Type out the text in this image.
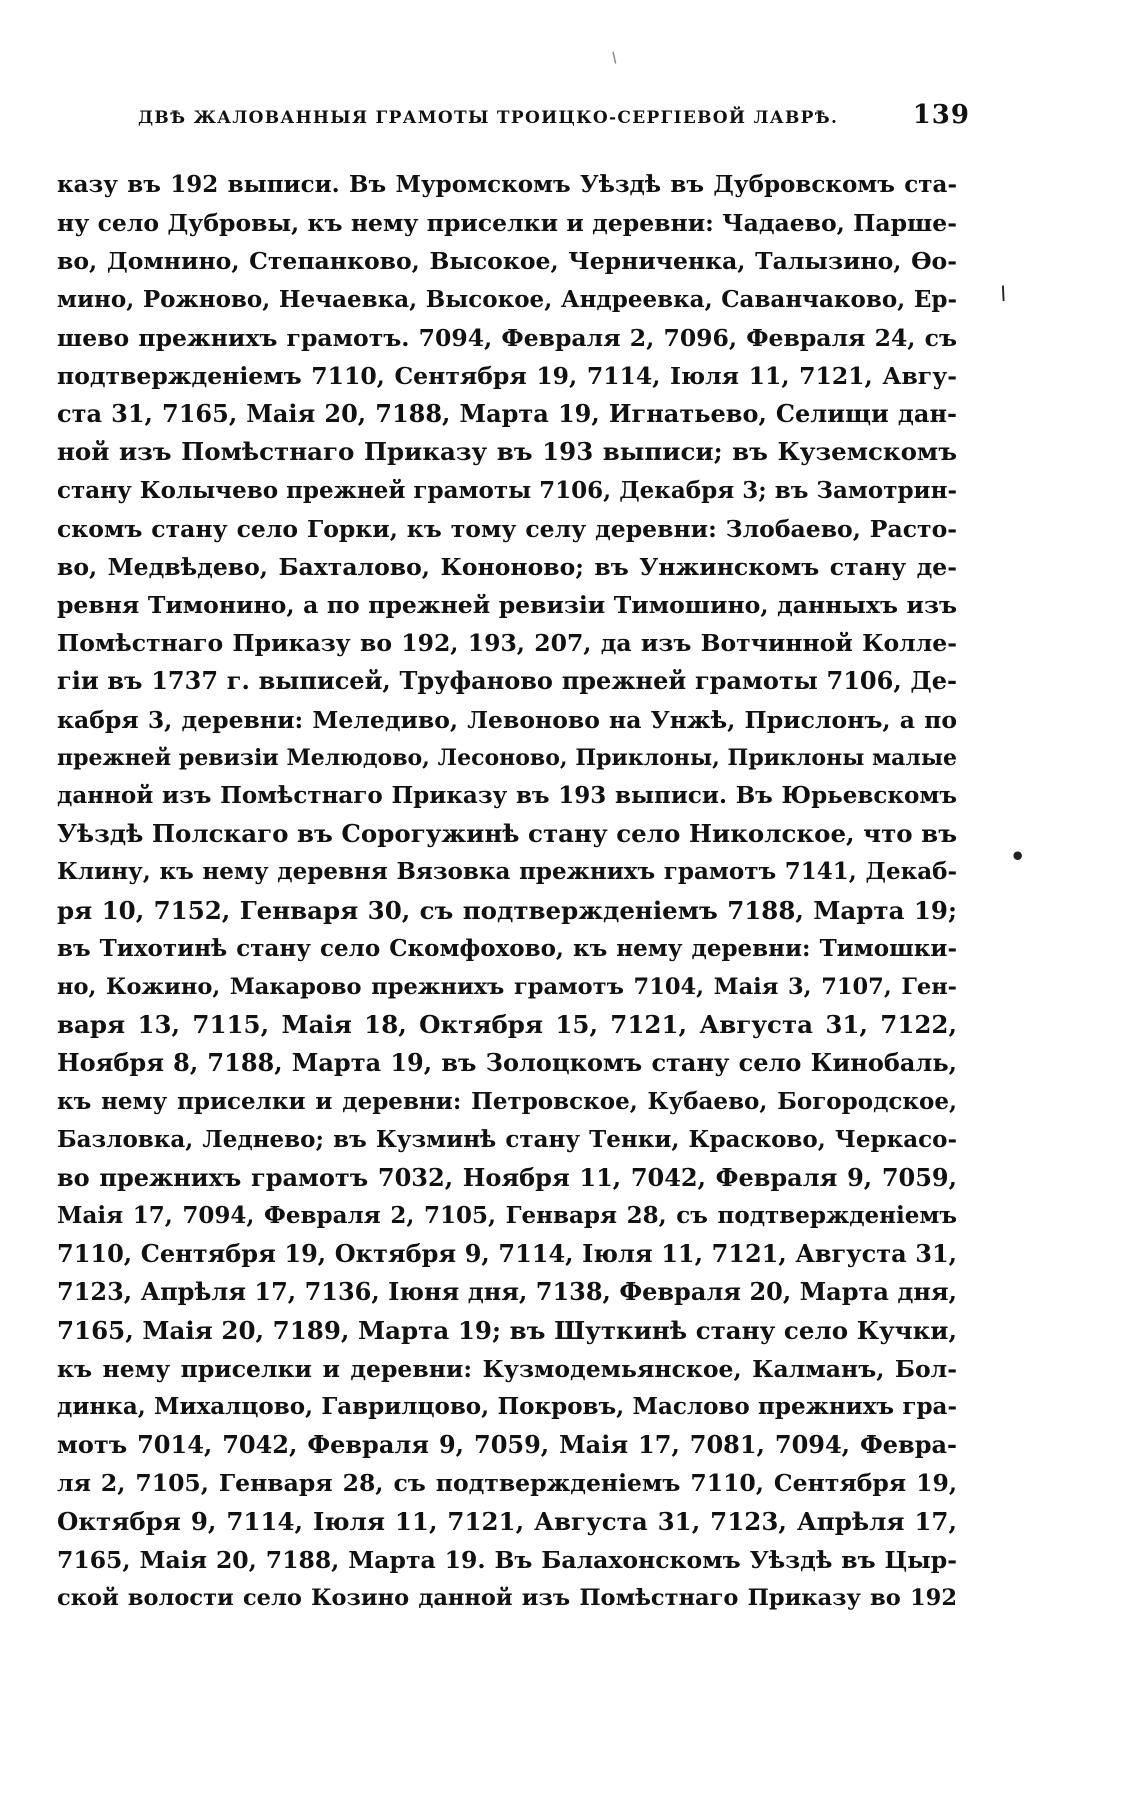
ДВѢ ЖАЛОВАННЫЯ ГРАМОТЫ ТРОИЦКО-СЕРГІЕВОЙ ЛАВРѢ.	139
/
/
•
казу въ 192 выписи. Въ Муромскомъ Уѣздѣ въ Дубровскомъ ста-
ну село Дубровы, къ нему приселки и деревни: Чадаево, Парше-
во, Домнино, Степанково, Высокое, Черниченка, Талызино, Ѳо-
мино, Рожново, Нечаевка, Высокое, Андреевка, Саванчаково, Ер-
шево прежнихъ грамотъ. 7094, Февраля 2, 7096, Февраля 24, съ
подтвержденіемъ 7110, Сентября 19, 7114, Іюля 11, 7121, Авгу-
ста 31, 7165, Маія 20, 7188, Марта 19, Игнатьево, Селищи дан-
ной изъ Помѣстнаго Приказу въ 193 выписи; въ Куземскомъ
стану Колычево прежней грамоты 7106, Декабря 3; въ Замотрин-
скомъ стану село Горки, къ тому селу деревни: Злобаево, Расто-
во, Медвѣдево, Бахталово, Кононово; въ Унжинскомъ стану де-
ревня Тимонино, а по прежней ревизіи Тимошино, данныхъ изъ
Помѣстнаго Приказу во 192, 193, 207, да изъ Вотчинной Колле-
гіи въ 1737 г. выписей, Труфаново прежней грамоты 7106, Де-
кабря 3, деревни: Меледиво, Левоново на Унжѣ, Прислонъ, а по
прежней ревизіи Мелюдово, Лесоново, Приклоны, Приклоны малые
данной изъ Помѣстнаго Приказу въ 193 выписи. Въ Юрьевскомъ
Уѣздѣ Полскаго въ Сорогужинѣ стану село Николское, что въ
Клину, къ нему деревня Вязовка прежнихъ грамотъ 7141, Декаб-
ря 10, 7152, Генваря 30, съ подтвержденіемъ 7188, Марта 19;
въ Тихотинѣ стану село Скомфохово, къ нему деревни: Тимошки-
но, Кожино, Макарово прежнихъ грамотъ 7104, Маія 3, 7107, Ген-
варя 13, 7115, Маія 18, Октября 15, 7121, Августа 31, 7122,
Ноября 8, 7188, Марта 19, въ Золоцкомъ стану село Кинобаль,
къ нему приселки и деревни: Петровское, Кубаево, Богородское,
Базловка, Леднево; въ Кузминѣ стану Тенки, Красково, Черкасо-
во прежнихъ грамотъ 7032, Ноября 11, 7042, Февраля 9, 7059,
Маія 17, 7094, Февраля 2, 7105, Генваря 28, съ подтвержденіемъ
7110, Сентября 19, Октября 9, 7114, Іюля 11, 7121, Августа 31,
7123, Апрѣля 17, 7136, Іюня дня, 7138, Февраля 20, Марта дня,
7165, Маія 20, 7189, Марта 19; въ Шуткинѣ стану село Кучки,
къ нему приселки и деревни: Кузмодемьянское, Калманъ, Бол-
динка, Михалцово, Гаврилцово, Покровъ, Маслово прежнихъ гра-
мотъ 7014, 7042, Февраля 9, 7059, Маія 17, 7081, 7094, Февра-
ля 2, 7105, Генваря 28, съ подтвержденіемъ 7110, Сентября 19,
Октября 9, 7114, Іюля 11, 7121, Августа 31, 7123, Апрѣля 17,
7165, Маія 20, 7188, Марта 19. Въ Балахонскомъ Уѣздѣ въ Цыр-
ской волости село Козино данной изъ Помѣстнаго Приказу во 192
